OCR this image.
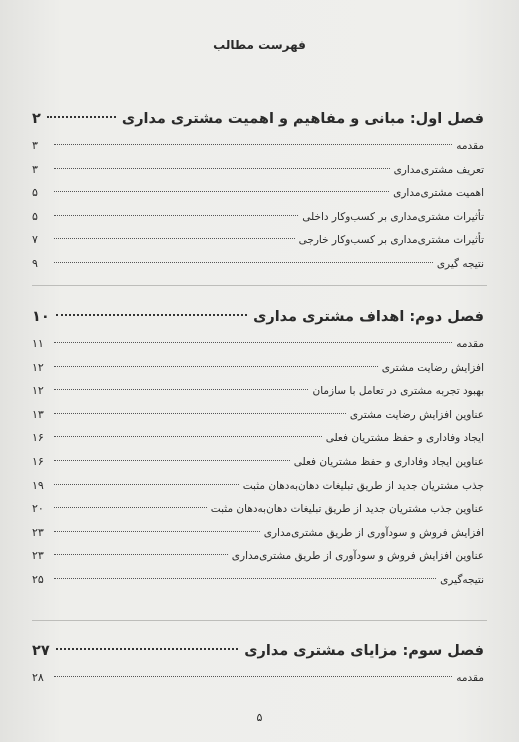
فهرست مطالب
فصل اول: مبانی و مفاهیم و اهمیت مشتری مداری
۲
مقدمه
۳
تعریف مشتری‌مداری
۳
اهمیت مشتری‌مداری
۵
تأثیرات مشتری‌مداری بر کسب‌وکار داخلی
۵
تأثیرات مشتری‌مداری بر کسب‌وکار خارجی
۷
نتیجه گیری
۹
فصل دوم: اهداف مشتری مداری
۱۰
مقدمه
۱۱
افزایش رضایت مشتری
۱۲
بهبود تجربه مشتری در تعامل با سازمان
۱۲
عناوین افزایش رضایت مشتری
۱۳
ایجاد وفاداری و حفظ مشتریان فعلی
۱۶
عناوین ایجاد وفاداری و حفظ مشتریان فعلی
۱۶
جذب مشتریان جدید از طریق تبلیغات دهان‌به‌دهان مثبت
۱۹
عناوین جذب مشتریان جدید از طریق تبلیغات دهان‌به‌دهان مثبت
۲۰
افزایش فروش و سودآوری از طریق مشتری‌مداری
۲۳
عناوین افزایش فروش و سودآوری از طریق مشتری‌مداری
۲۳
نتیجه‌گیری
۲۵
فصل سوم: مزایای مشتری مداری
۲۷
مقدمه
۲۸
۵
